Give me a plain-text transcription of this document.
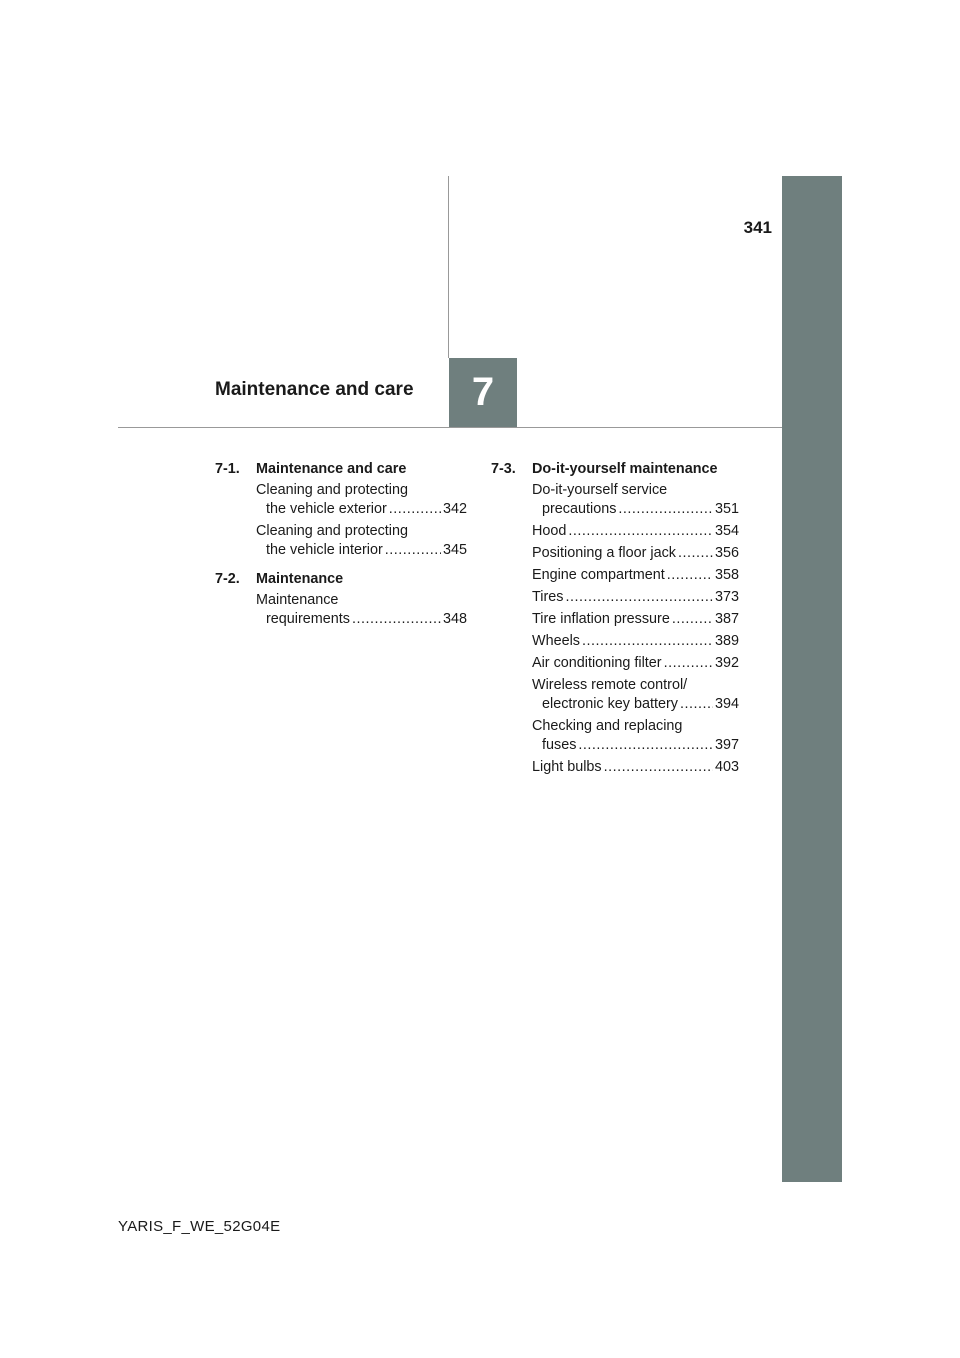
341
7
Maintenance and care
7-1.	Maintenance and care
Cleaning and protecting
the vehicle exterior .....	342
Cleaning and protecting
the vehicle interior .....	345
7-2.	Maintenance
Maintenance
requirements .....	348
7-3.	Do-it-yourself maintenance
Do-it-yourself service
precautions .....	351
Hood .....	354
Positioning a floor jack .....	356
Engine compartment .....	358
Tires .....	373
Tire inflation pressure .....	387
Wheels .....	389
Air conditioning filter .....	392
Wireless remote control/
electronic key battery .....	394
Checking and replacing
fuses .....	397
Light bulbs .....	403
YARIS_F_WE_52G04E
